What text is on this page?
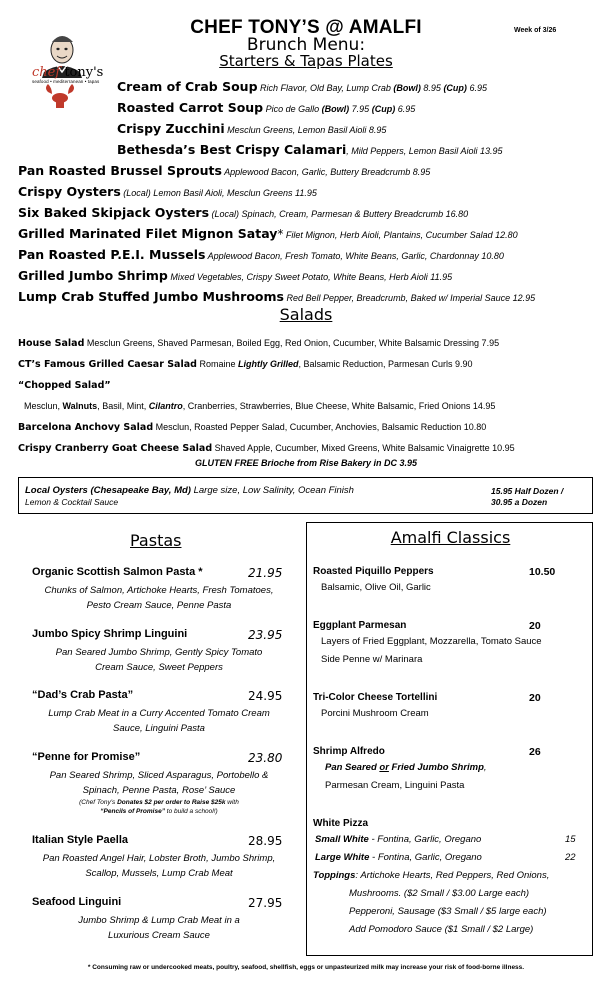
CHEF TONY’S @ AMALFI
Brunch Menu:
Starters & Tapas Plates
Week of 3/26
chef tony's
seafood • mediterranean • tapas	Cream of Crab Soup Rich Flavor, Old Bay, Lump Crab (Bowl) 8.95 (Cup) 6.95
Roasted Carrot Soup Pico de Gallo (Bowl) 7.95 (Cup) 6.95
Crispy Zucchini Mesclun Greens, Lemon Basil Aioli 8.95
Bethesda’s Best Crispy Calamari, Mild Peppers, Lemon Basil Aioli 13.95
Pan Roasted Brussel Sprouts Applewood Bacon, Garlic, Buttery Breadcrumb 8.95
Crispy Oysters (Local) Lemon Basil Aioli, Mesclun Greens 11.95
Six Baked Skipjack Oysters (Local) Spinach, Cream, Parmesan & Buttery Breadcrumb 16.80
Grilled Marinated Filet Mignon Satay* Filet Mignon, Herb Aioli, Plantains, Cucumber Salad 12.80
Pan Roasted P.E.I. Mussels Applewood Bacon, Fresh Tomato, White Beans, Garlic, Chardonnay 10.80
Grilled Jumbo Shrimp Mixed Vegetables, Crispy Sweet Potato, White Beans, Herb Aioli 11.95
Lump Crab Stuffed Jumbo Mushrooms Red Bell Pepper, Breadcrumb, Baked w/ Imperial Sauce 12.95
Salads
House Salad Mesclun Greens, Shaved Parmesan, Boiled Egg, Red Onion, Cucumber, White Balsamic Dressing 7.95
CT’s Famous Grilled Caesar Salad Romaine Lightly Grilled, Balsamic Reduction, Parmesan Curls 9.90
“Chopped Salad”
Mesclun, Walnuts, Basil, Mint, Cilantro, Cranberries, Strawberries, Blue Cheese, White Balsamic, Fried Onions 14.95
Barcelona Anchovy Salad Mesclun, Roasted Pepper Salad, Cucumber, Anchovies, Balsamic Reduction 10.80
Crispy Cranberry Goat Cheese Salad Shaved Apple, Cucumber, Mixed Greens, White Balsamic Vinaigrette 10.95
GLUTEN FREE Brioche from Rise Bakery in DC 3.95
Local Oysters (Chesapeake Bay, Md) Large size, Low Salinity, Ocean Finish
Lemon & Cocktail Sauce
15.95 Half Dozen /
30.95 a Dozen
Pastas
Organic Scottish Salmon Pasta *	21.95
Chunks of Salmon, Artichoke Hearts, Fresh Tomatoes,
Pesto Cream Sauce, Penne Pasta
Jumbo Spicy Shrimp Linguini	23.95
Pan Seared Jumbo Shrimp, Gently Spicy Tomato
Cream Sauce, Sweet Peppers
“Dad’s Crab Pasta”	24.95
Lump Crab Meat in a Curry Accented Tomato Cream
Sauce, Linguini Pasta
“Penne for Promise”	23.80
Pan Seared Shrimp, Sliced Asparagus, Portobello &
Spinach, Penne Pasta, Rose’ Sauce
(Chef Tony’s Donates $2 per order to Raise $25k with
“Pencils of Promise” to build a school!)
Italian Style Paella	28.95
Pan Roasted Angel Hair, Lobster Broth, Jumbo Shrimp,
Scallop, Mussels, Lump Crab Meat
Seafood Linguini	27.95
Jumbo Shrimp & Lump Crab Meat in a
Luxurious Cream Sauce
Amalfi Classics
Roasted Piquillo Peppers	10.50
Balsamic, Olive Oil, Garlic
Eggplant Parmesan	20
Layers of Fried Eggplant, Mozzarella, Tomato Sauce
Side Penne w/ Marinara
Tri-Color Cheese Tortellini	20
Porcini Mushroom Cream
Shrimp Alfredo	26
Pan Seared or Fried Jumbo Shrimp,
Parmesan Cream, Linguini Pasta
White Pizza
Small White - Fontina, Garlic, Oregano	15
Large White - Fontina, Garlic, Oregano	22
Toppings: Artichoke Hearts, Red Peppers, Red Onions,
Mushrooms. ($2 Small / $3.00 Large each)
Pepperoni, Sausage ($3 Small / $5 large each)
Add Pomodoro Sauce ($1 Small / $2 Large)
* Consuming raw or undercooked meats, poultry, seafood, shellfish, eggs or unpasteurized milk may increase your risk of food-borne illness.
